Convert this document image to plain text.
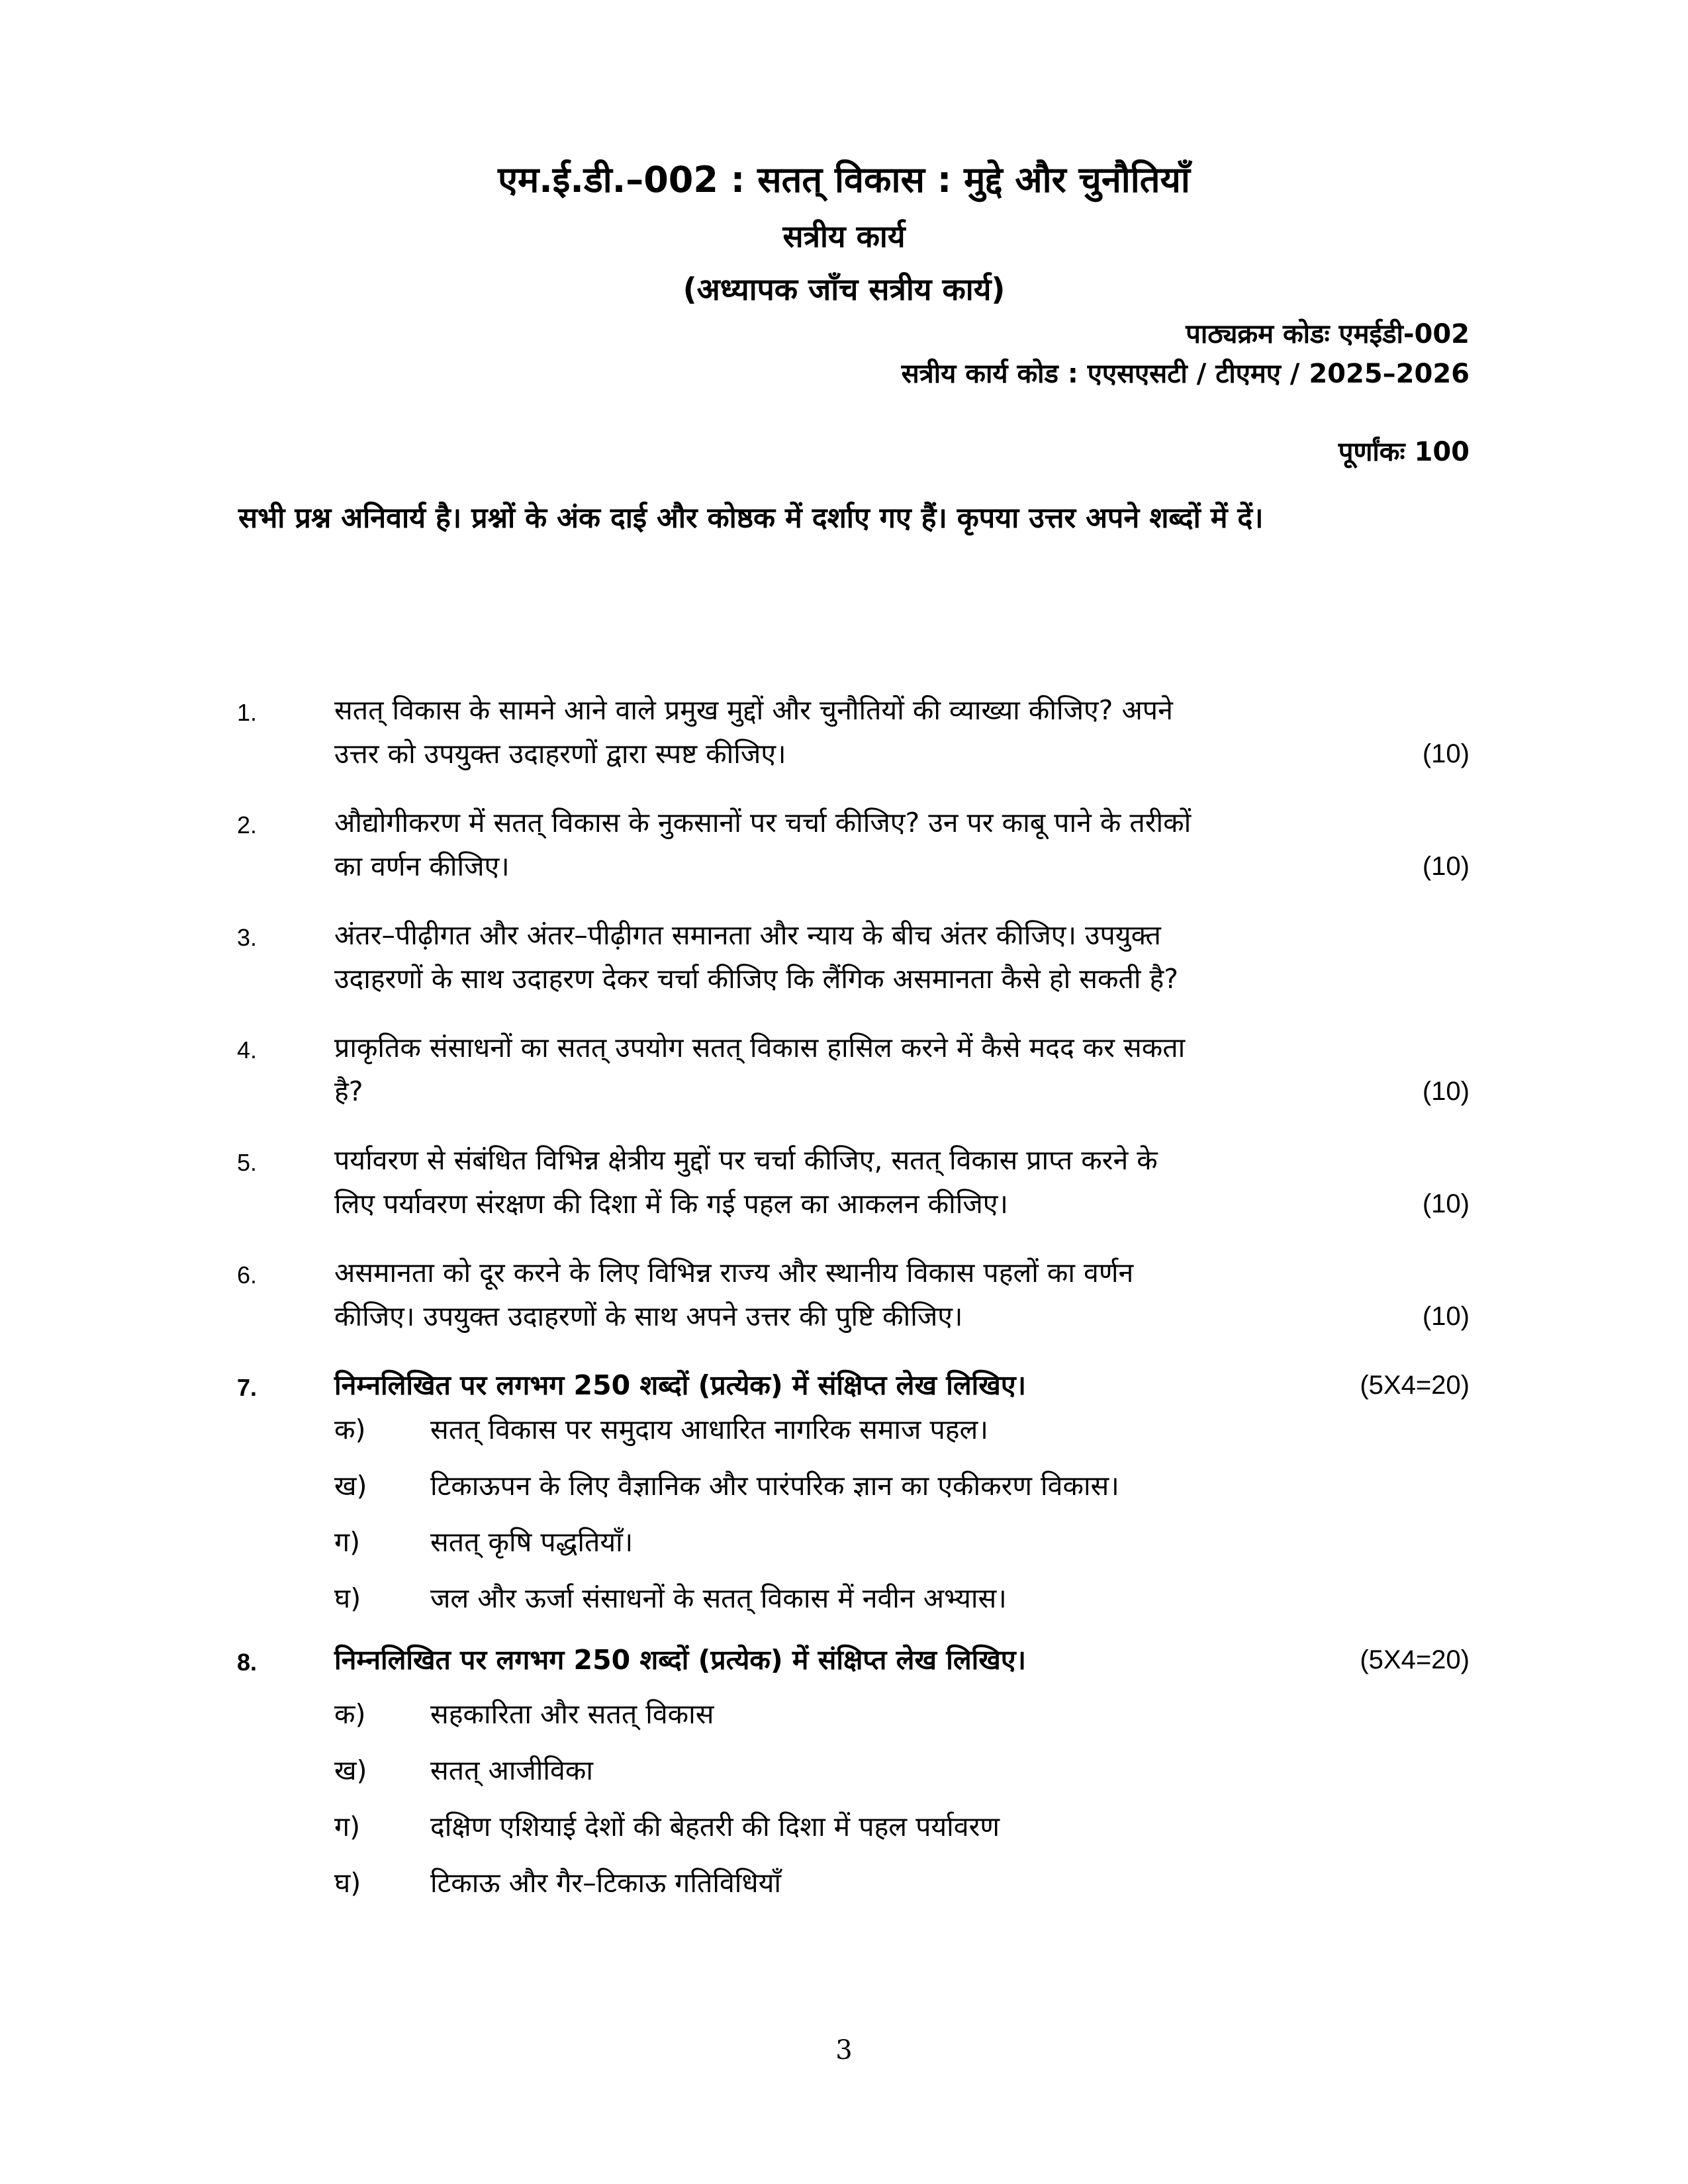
एम.ई.डी.–002 : सतत् विकास : मुद्दे और चुनौतियाँ
सत्रीय कार्य
(अध्यापक जाँच सत्रीय कार्य)
पाठ्यक्रम कोडः एमईडी-002
सत्रीय कार्य कोड : एएसएसटी / टीएमए / 2025–2026
पूर्णांकः 100
सभी प्रश्न अनिवार्य है। प्रश्नों के अंक दाई और कोष्ठक में दर्शाए गए हैं। कृपया उत्तर अपने शब्दों में दें।
1.	सतत् विकास के सामने आने वाले प्रमुख मुद्दों और चुनौतियों की व्याख्या कीजिए? अपने
उत्तर को उपयुक्त उदाहरणों द्वारा स्पष्ट कीजिए।	(10)
2.	औद्योगीकरण में सतत् विकास के नुकसानों पर चर्चा कीजिए? उन पर काबू पाने के तरीकों
का वर्णन कीजिए।	(10)
3.	अंतर–पीढ़ीगत और अंतर–पीढ़ीगत समानता और न्याय के बीच अंतर कीजिए। उपयुक्त
उदाहरणों के साथ उदाहरण देकर चर्चा कीजिए कि लैंगिक असमानता कैसे हो सकती है?
4.	प्राकृतिक संसाधनों का सतत् उपयोग सतत् विकास हासिल करने में कैसे मदद कर सकता
है?	(10)
5.	पर्यावरण से संबंधित विभिन्न क्षेत्रीय मुद्दों पर चर्चा कीजिए, सतत् विकास प्राप्त करने के
लिए पर्यावरण संरक्षण की दिशा में कि गई पहल का आकलन कीजिए।	(10)
6.	असमानता को दूर करने के लिए विभिन्न राज्य और स्थानीय विकास पहलों का वर्णन
कीजिए। उपयुक्त उदाहरणों के साथ अपने उत्तर की पुष्टि कीजिए।	(10)
7.	निम्नलिखित पर लगभग 250 शब्दों (प्रत्येक) में संक्षिप्त लेख लिखिए।	(5X4=20)
क) सतत् विकास पर समुदाय आधारित नागरिक समाज पहल।
ख) टिकाऊपन के लिए वैज्ञानिक और पारंपरिक ज्ञान का एकीकरण विकास।
ग)	सतत् कृषि पद्धतियाँ।
घ)	जल और ऊर्जा संसाधनों के सतत् विकास में नवीन अभ्यास।
8.	निम्नलिखित पर लगभग 250 शब्दों (प्रत्येक) में संक्षिप्त लेख लिखिए।	(5X4=20)
क) सहकारिता और सतत् विकास
ख) सतत् आजीविका
ग)	दक्षिण एशियाई देशों की बेहतरी की दिशा में पहल पर्यावरण
घ)	टिकाऊ और गैर–टिकाऊ गतिविधियाँ
3
